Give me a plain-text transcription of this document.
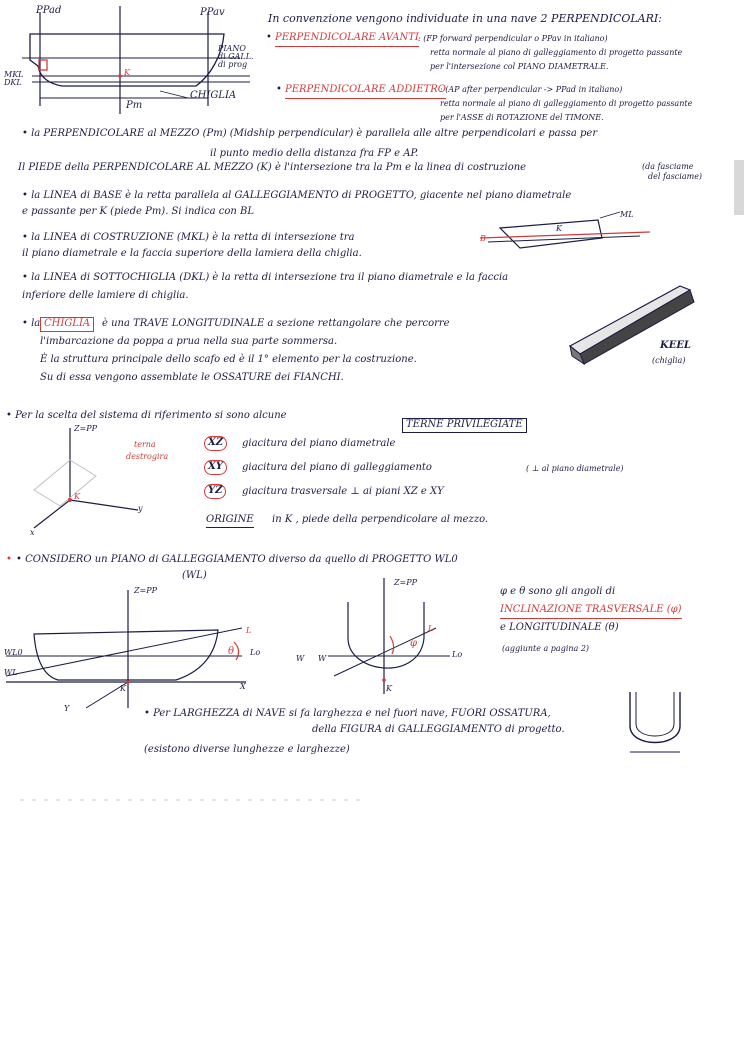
PPad	PPav
PIANO
di GALL.
di prog
MKL
DKL
K
Pm
CHIGLIA
In convenzione vengono individuate in una nave 2 PERPENDICOLARI:
• PERPENDICOLARE AVANTI : (FP forward perpendicular o PPav in italiano)
retta normale al piano di galleggiamento di progetto passante
per l'intersezione col PIANO DIAMETRALE.
• PERPENDICOLARE ADDIETRO
: (AP after perpendicular -> PPad in italiano)
retta normale al piano di galleggiamento di progetto passante
per l'ASSE di ROTAZIONE del TIMONE.
• la PERPENDICOLARE al MEZZO (Pm) (Midship perpendicular) è parallela alle altre perpendicolari e passa per
il punto medio della distanza fra FP e AP.
Il PIEDE della PERPENDICOLARE AL MEZZO (K) è l'intersezione tra la Pm e la linea di costruzione	(da fasciame
del fasciame)
• la LINEA di BASE è la retta parallela al GALLEGGIAMENTO di PROGETTO, giacente nel piano diametrale
e passante per K (piede Pm). Si indica con BL
B
K
ML
• la LINEA di COSTRUZIONE (MKL) è la retta di intersezione tra
il piano diametrale e la faccia superiore della lamiera della chiglia.
• la LINEA di SOTTOCHIGLIA (DKL) è la retta di intersezione tra il piano diametrale e la faccia
inferiore delle lamiere di chiglia.
• la CHIGLIA	è una TRAVE LONGITUDINALE a sezione rettangolare che percorre
l'imbarcazione da poppa a prua nella sua parte sommersa.
È la struttura principale dello scafo ed è il 1° elemento per la costruzione.
Su di essa vengono assemblate le OSSATURE dei FIANCHI.
KEEL
(chiglia)
• Per la scelta del sistema di riferimento si sono alcune
TERNE PRIVILEGIATE
Z=PP
y
x
K
terna
destrogira
XZ	giacitura del piano diametrale
XY	giacitura del piano di galleggiamento	( ⊥ al piano diametrale)
YZ	giacitura trasversale ⊥ ai piani XZ e XY
ORIGINE in K , piede della perpendicolare al mezzo.
• • CONSIDERO un PIANO di GALLEGGIAMENTO diverso da quello di PROGETTO WL0
(WL)
Z=PP
WL0
WL
Lo
L
θ
K	X
Y
Z=PP
W W	Lo
L
φ
K
φ e θ sono gli angoli di
INCLINAZIONE TRASVERSALE (φ)
e LONGITUDINALE (θ)
(aggiunte a pagina 2)
• Per LARGHEZZA di NAVE si fa larghezza e nel fuori nave, FUORI OSSATURA,
della FIGURA di GALLEGGIAMENTO di progetto.
(esistono diverse lunghezze e larghezze)
